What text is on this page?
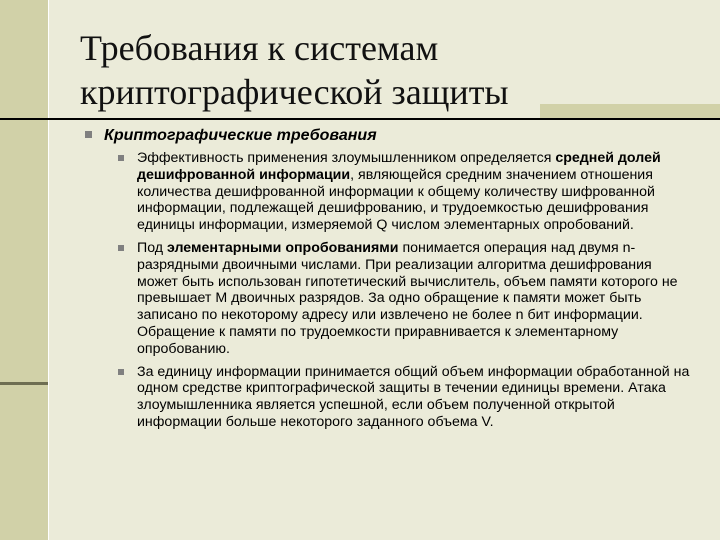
Требования к системам криптографической защиты
Криптографические требования
Эффективность применения злоумышленником определяется средней долей дешифрованной информации, являющейся средним значением отношения количества дешифрованной информации к общему количеству шифрованной информации, подлежащей дешифрованию, и трудоемкостью дешифрования единицы информации, измеряемой Q числом элементарных опробований.
Под элементарными опробованиями понимается операция над двумя n-разрядными двоичными числами. При реализации алгоритма дешифрования может быть использован гипотетический вычислитель, объем памяти которого не превышает M двоичных разрядов. За одно обращение к памяти может быть записано по некоторому адресу или извлечено не более n бит информации. Обращение к памяти по трудоемкости приравнивается к элементарному опробованию.
За единицу информации принимается общий объем информации обработанной на одном средстве криптографической защиты в течении единицы времени. Атака злоумышленника является успешной, если объем полученной открытой информации больше некоторого заданного объема V.
